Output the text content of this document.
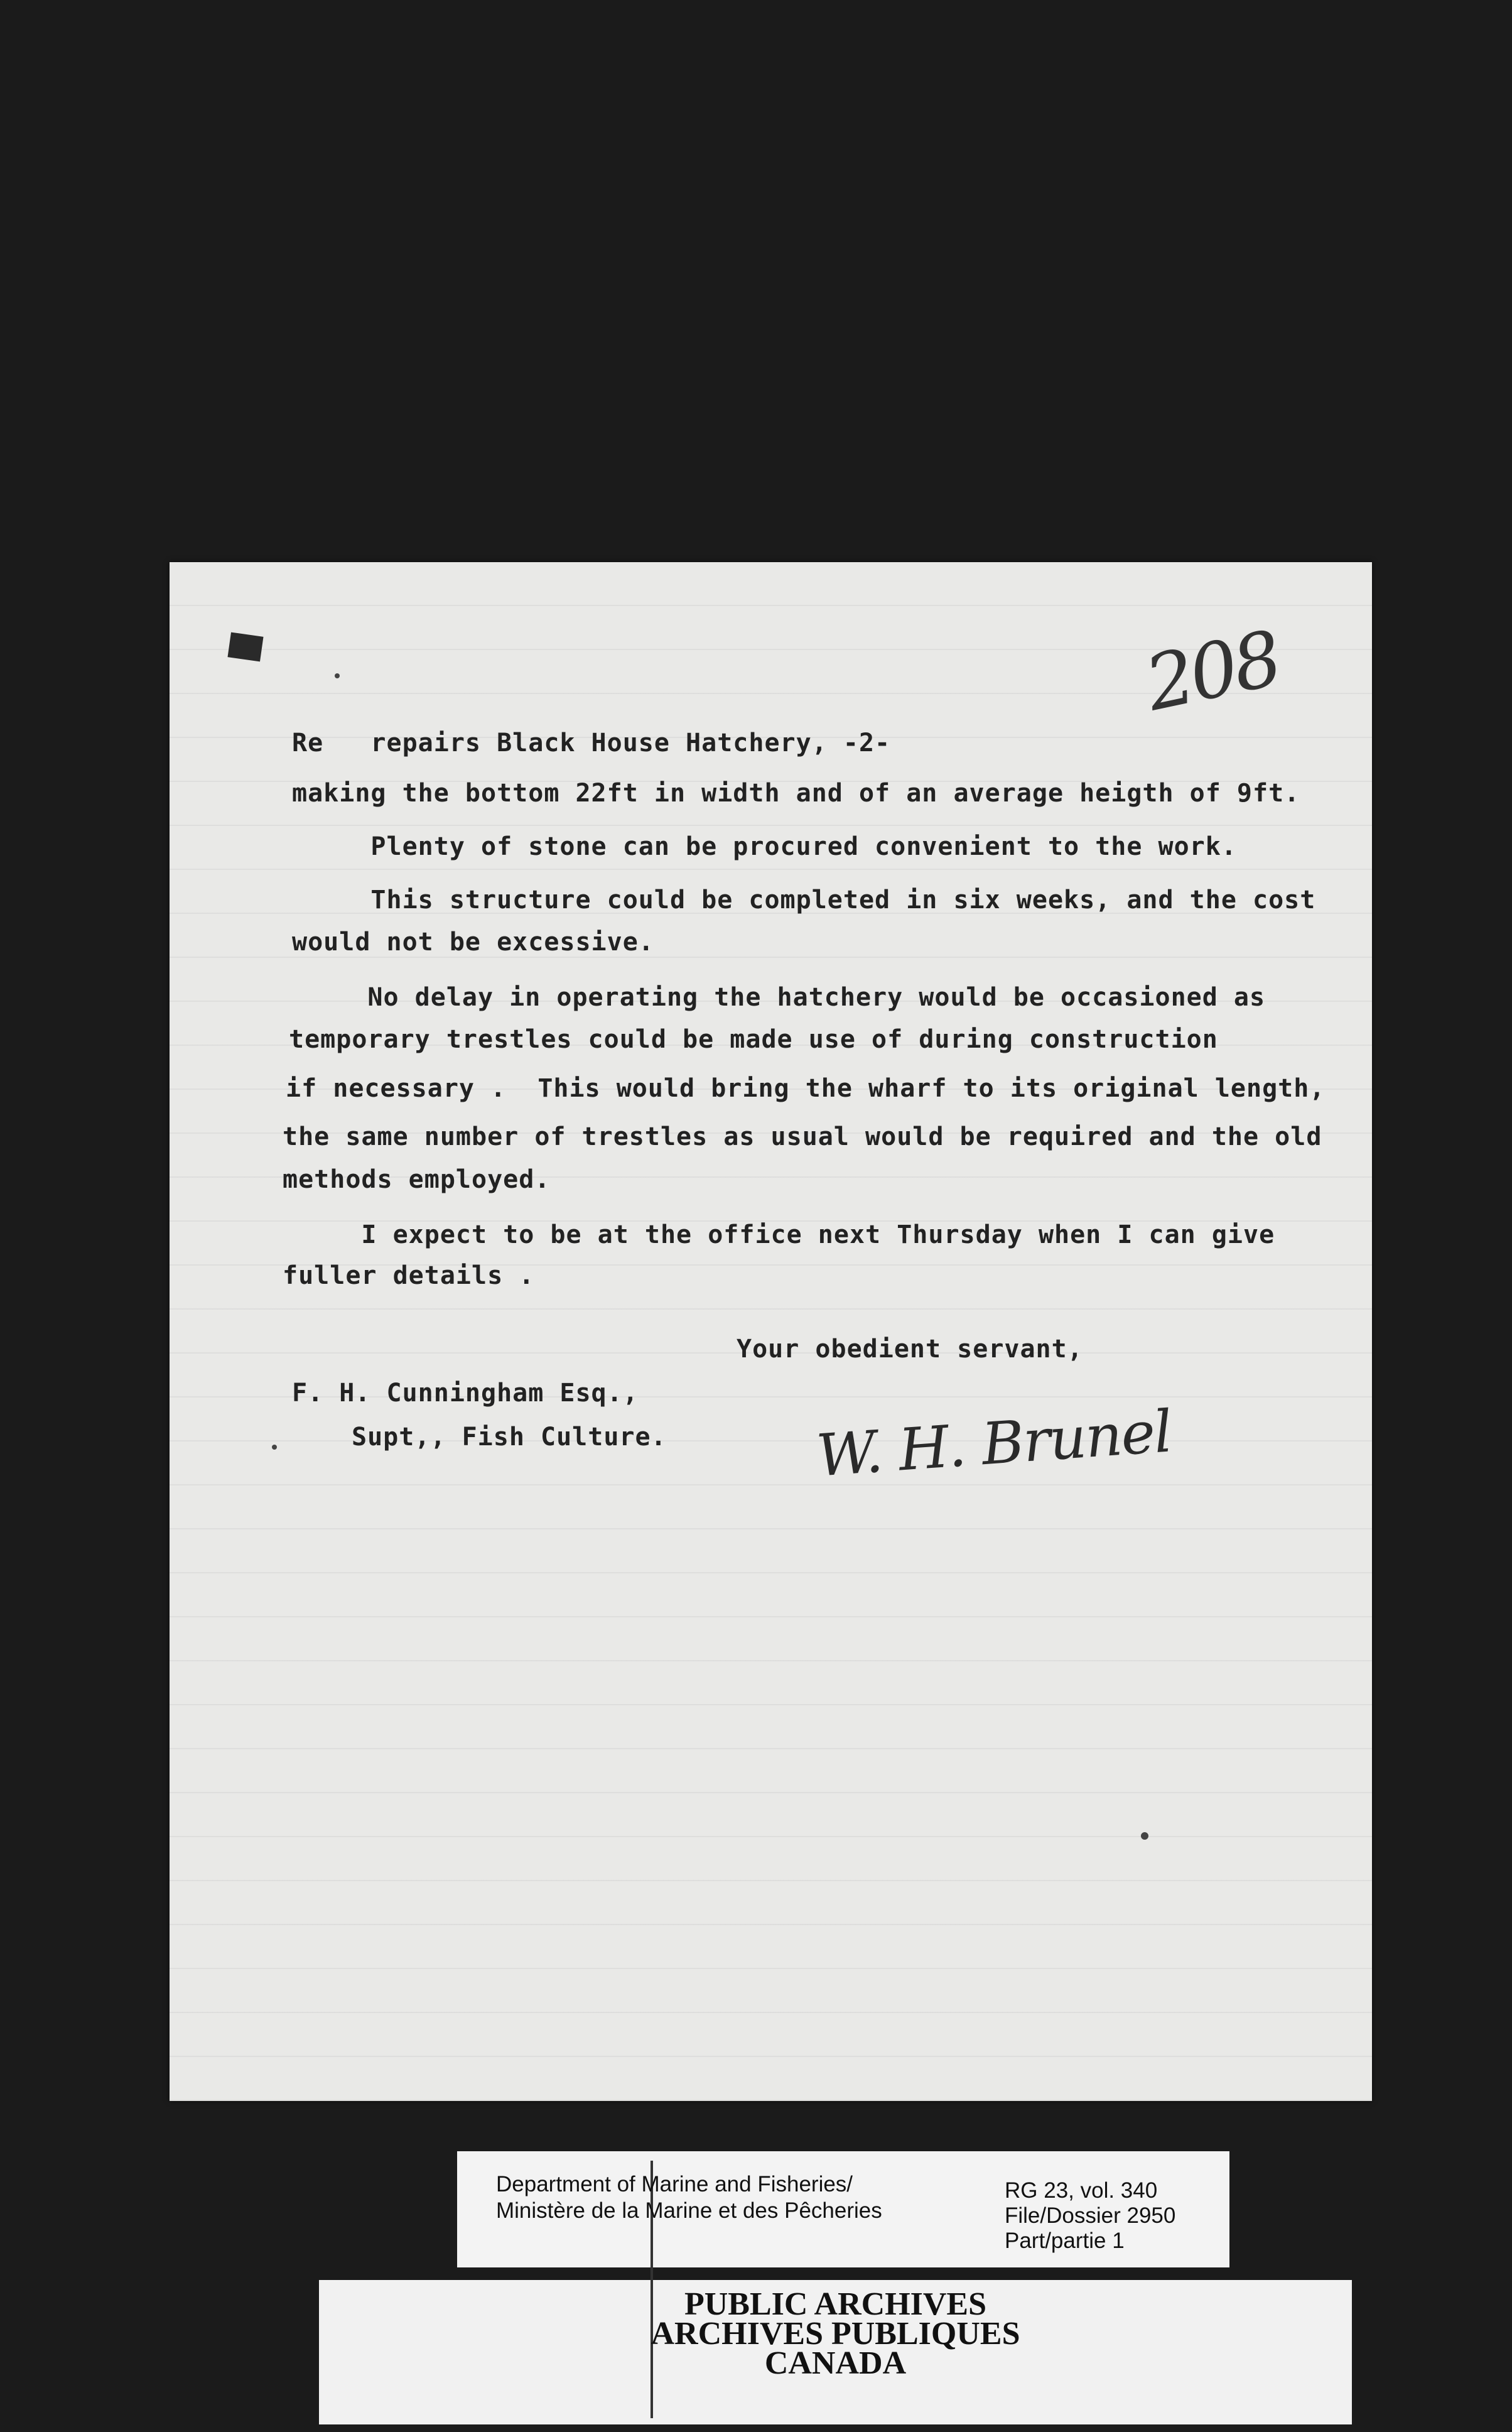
208
Re   repairs Black House Hatchery, -2-
making the bottom 22ft in width and of an average heigth of 9ft.
Plenty of stone can be procured convenient to the work.
This structure could be completed in six weeks, and the cost
would not be excessive.
No delay in operating the hatchery would be occasioned as
temporary trestles could be made use of during construction
if necessary .  This would bring the wharf to its original length,
the same number of trestles as usual would be required and the old
methods employed.
I expect to be at the office next Thursday when I can give
fuller details .
Your obedient servant,
F. H. Cunningham Esq.,
Supt,, Fish Culture.	W. H. Brunel
Department of Marine and Fisheries/
Ministère de la Marine et des Pêcheries
RG 23, vol. 340
File/Dossier 2950
Part/partie 1
PUBLIC ARCHIVES
ARCHIVES PUBLIQUES
CANADA
